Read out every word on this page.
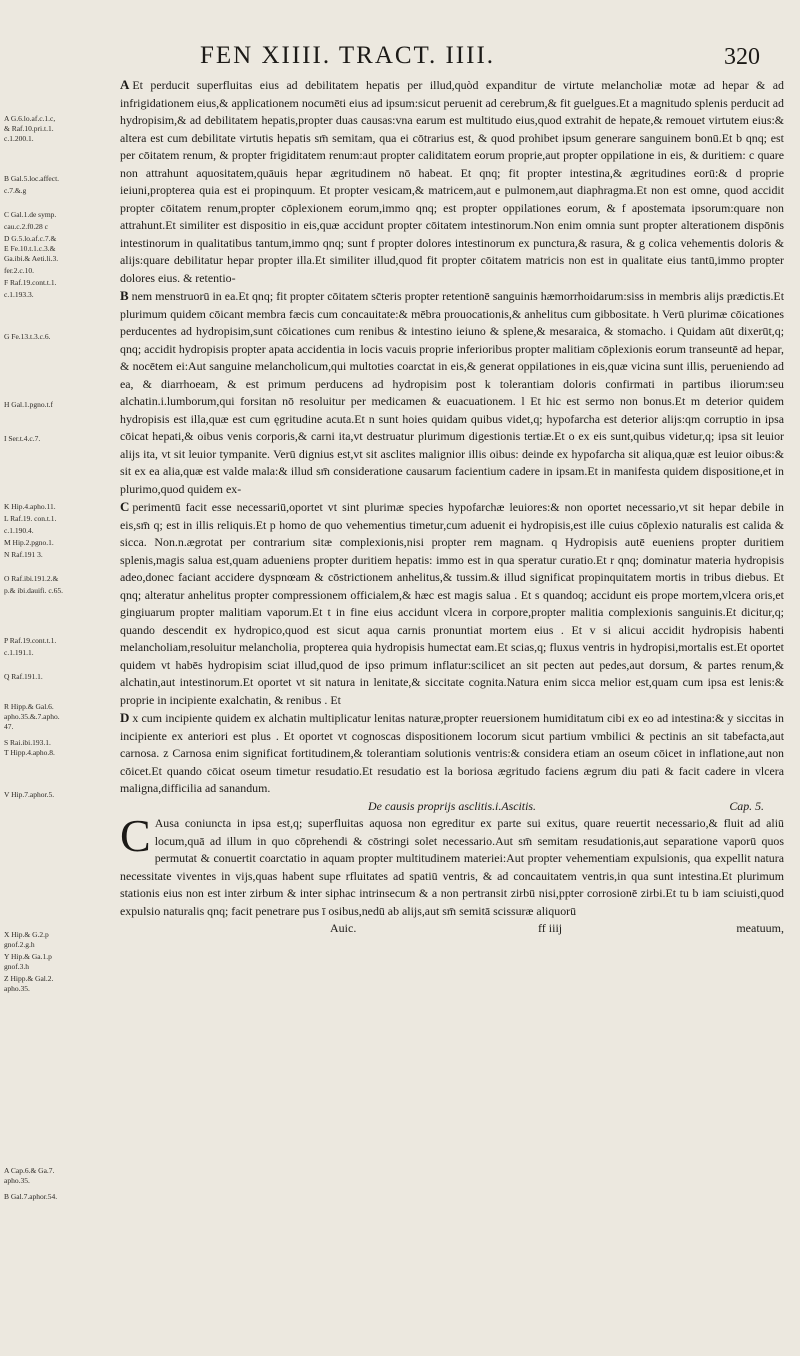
FEN XIIII. TRACT. IIII.	320
A G.6.lo.af.c.1.c,
& Raf.10.pri.t.1.
c.1.200.1.
B Gal.5.loc.affect.
c.7.&.g
C Gal.1.de symp.
cau.c.2.f0.28 c
D G.5.lo.af.c.7.&
E Fe.10.t.1.c.3.&
Ga.ibi.& Aeti.li.3.
fer.2.c.10.
F Raf.19.cont.t.1.
c.1.193.3.
G Fe.13.t.3.c.6.
H Gal.1.pgno.t.f
I Ser.t.4.c.7.
K Hip.4.apho.11.
L Raf.19. con.t.1.
c.1.190.4.
M Hip.2.pgno.1.
N Raf.191 3.
O Raf.ibi.191.2.&
p.& ibi.dauifi. c.65.
P Raf.19.cont.t.1.
c.1.191.1.
Q Raf.191.1.
R Hipp.& Gal.6.
apho.35.&.7.apho.
47.
S Rai.ibi.193.1.
T Hipp.4.apho.8.
V Hip.7.aphor.5.
X Hip.& G.2.p
gnof.2.g.h
Y Hip.& Ga.1.p
gnof.3.h
Z Hipp.& Gal.2.
apho.35.
A Cap.6.& Ga.7.
apho.35.
B Gal.7.aphor.54.

A Et perducit superfluitas eius ad debilitatem hepatis per illud,quòd expanditur de virtute melancholiæ motæ ad hepar & ad infrigidationem eius,& applicationem nocumēti eius ad ipsum:sicut peruenit ad cerebrum,& fit guelgues.Et a magnitudo splenis perducit ad hydropisim,& ad debilitatem hepatis,propter duas causas:vna earum est multitudo eius,quod extrahit de hepate,& remouet virtutem eius:& altera est cum debilitate virtutis hepatis sm̄ semitam, qua ei cōtrarius est, & quod prohibet ipsum generare sanguinem bonū.Et b qnq; est per cōitatem renum, & propter frigiditatem renum:aut propter caliditatem eorum proprie,aut propter oppilatione in eis, & duritiem: c quare non attrahunt aquositatem,quāuis hepar ægritudinem nō habeat. Et qnq; fit propter intestina,& ægritudines eorū:& d proprie ieiuni,propterea quia est ei propinquum. Et propter vesicam,& matricem,aut e pulmonem,aut diaphragma.Et non est omne, quod accidit propter cōitatem renum,propter cōplexionem eorum,immo qnq; est propter oppilationes eorum, & f apostemata ipsorum:quare non attrahunt.Et similiter est dispositio in eis,quæ accidunt propter cōitatem intestinorum.Non enim omnia sunt propter alterationem dispōnis intestinorum in qualitatibus tantum,immo qnq; sunt f propter dolores intestinorum ex punctura,& rasura, & g colica vehementis doloris & alijs:quare debilitatur hepar propter illa.Et similiter illud,quod fit propter cōitatem matricis non est in qualitate eius tantū,immo propter dolores eius. & retentio-

B nem menstruorū in ea.Et qnq; fit propter cōitatem sc̄teris propter retentionē sanguinis hæmorrhoidarum:siss in membris alijs prædictis.Et plurimum quidem cōicant membra fæcis cum concauitate:& mēbra prouocationis,& anhelitus cum gibbositate. h Verū plurimæ cōicationes perducentes ad hydropisim,sunt cōicationes cum renibus & intestino ieiuno & splene,& mesaraica, & stomacho. i Quidam aūt dixerūt,q; qnq; accidit hydropisis propter apata accidentia in locis vacuis proprie inferioribus propter malitiam cōplexionis eorum transeuntē ad hepar, & nocētem ei:Aut sanguine melancholicum,qui multoties coarctat in eis,& generat oppilationes in eis,quæ vicina sunt illis, perueniendo ad ea, & diarrhoeam, & est primum perducens ad hydropisim post k tolerantiam doloris confirmati in partibus iliorum:seu alchatin.i.lumborum,qui forsitan nō resoluitur per medicamen & euacuationem. l Et hic est sermo non bonus.Et m deterior quidem hydropisis est illa,quæ est cum ęgritudine acuta.Et n sunt hoies quidam quibus videt,q; hypofarcha est deterior alijs:qm corruptio in ipsa cōicat hepati,& oibus venis corporis,& carni ita,vt destruatur plurimum digestionis tertiæ.Et o ex eis sunt,quibus videtur,q; ipsa sit leuior alijs ita, vt sit leuior tympanite. Verū dignius est,vt sit asclites malignior illis oibus: deinde ex hypofarcha sit aliqua,quæ est leuior oibus:& sit ex ea alia,quæ est valde mala:& illud sm̄ consideratione causarum facientium cadere in ipsam.Et in manifesta quidem dispositione,et in plurimo,quod quidem ex-

C perimentū facit esse necessariū,oportet vt sint plurimæ species hypofarchæ leuiores:& non oportet necessario,vt sit hepar debile in eis,sm̄ q; est in illis reliquis.Et p homo de quo vehementius timetur,cum aduenit ei hydropisis,est ille cuius cōplexio naturalis est calida & sicca. Non.n.ægrotat per contrarium sitæ complexionis,nisi propter rem magnam. q Hydropisis autē eueniens propter duritiem splenis,magis salua est,quam adueniens propter duritiem hepatis: immo est in qua speratur curatio.Et r qnq; dominatur materia hydropisis adeo,donec faciant accidere dyspnœam & cōstrictionem anhelitus,& tussim.& illud significat propinquitatem mortis in tribus diebus. Et qnq; alteratur anhelitus propter compressionem officialem,& hæc est magis salua . Et s quandoq; accidunt eis prope mortem,vlcera oris,et gingiuarum propter malitiam vaporum.Et t in fine eius accidunt vlcera in corpore,propter malitia complexionis sanguinis.Et dicitur,q; quando descendit ex hydropico,quod est sicut aqua carnis pronuntiat mortem eius . Et v si alicui accidit hydropisis habenti melancholiam,resoluitur melancholia, propterea quia hydropisis humectat eam.Et scias,q; fluxus ventris in hydropisi,mortalis est.Et oportet quidem vt habēs hydropisim sciat illud,quod de ipso primum inflatur:scilicet an sit pecten aut pedes,aut dorsum, & partes renum,& alchatin,aut intestinorum.Et oportet vt sit natura in lenitate,& siccitate cognita.Natura enim sicca melior est,quam cum ipsa est lenis:& proprie in incipiente exalchatin, & renibus . Et

D x cum incipiente quidem ex alchatin multiplicatur lenitas naturæ,propter reuersionem humiditatum cibi ex eo ad intestina:& y siccitas in incipiente ex anteriori est plus . Et oportet vt cognoscas dispositionem locorum sicut partium vmbilici & pectinis an sit tabefacta,aut carnosa. z Carnosa enim significat fortitudinem,& tolerantiam solutionis ventris:& considera etiam an oseum cōicet in inflatione,aut non cōicet.Et quando cōicat oseum timetur resudatio.Et resudatio est la boriosa ægritudo faciens ægrum diu pati & facit cadere in vlcera maligna,difficilia ad sanandum.

De causis proprijs asclitis.i.Ascitis.	Cap. 5.

C Ausa coniuncta in ipsa est,q; superfluitas aquosa non egreditur ex parte sui exitus, quare reuertit necessario,& fluit ad aliū locum,quā ad illum in quo cōprehendi & cōstringi solet necessario.Aut sm̄ semitam resudationis,aut separatione vaporū quos permutat & conuertit coarctatio in aquam propter multitudinem materiei:Aut propter vehementiam expulsionis, qua expellit natura necessitate viventes in vijs,quas habent supe rfluitates ad spatiū ventris, & ad concauitatem ventris,in qua sunt intestina.Et plurimum stationis eius non est inter zirbum & inter siphac intrinsecum & a non pertransit zirbū nisi,ppter corrosionē zirbi.Et tu b iam sciuisti,quod expulsio naturalis qnq; facit penetrare pus ī osibus,nedū ab alijs,aut sm̄ semitā scissuræ aliquorū

Auic.	ff iiij	meatuum,
